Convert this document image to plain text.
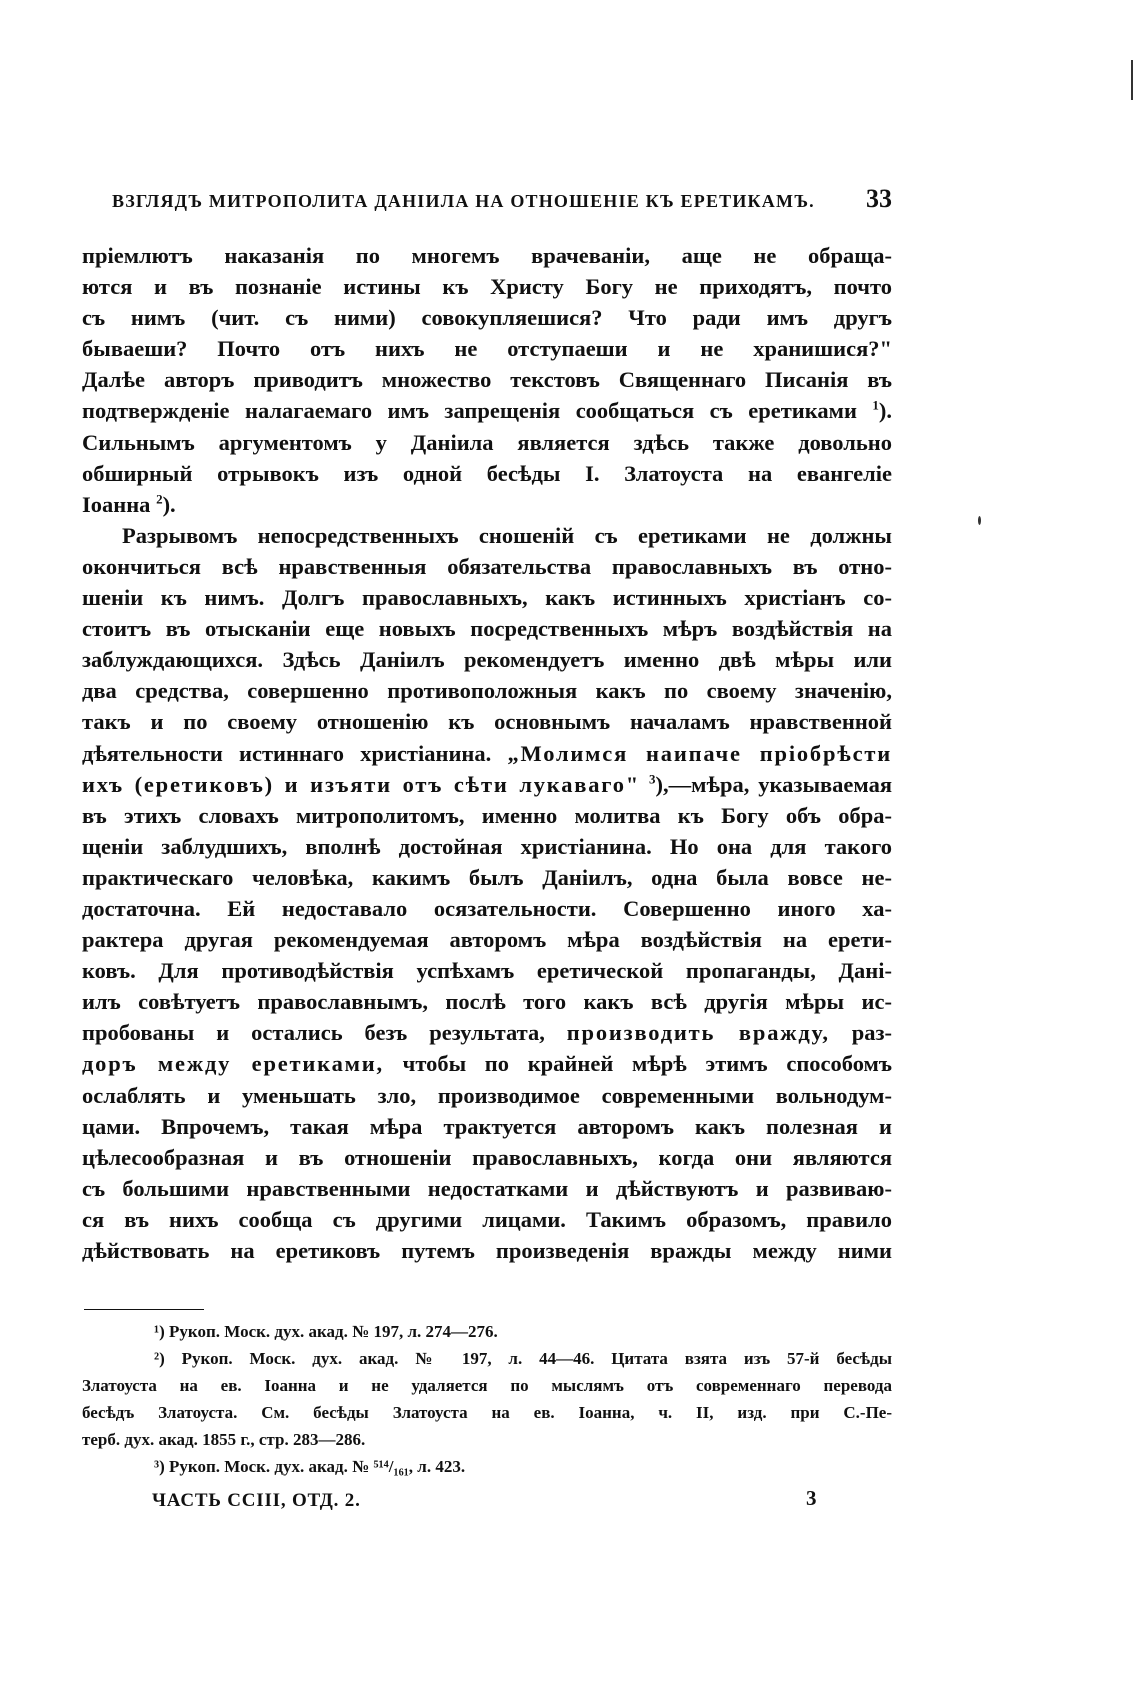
ВЗГЛЯДЪ МИТРОПОЛИТА ДАНІИЛА НА ОТНОШЕНІЕ КЪ ЕРЕТИКАМЪ. 33
пріемлютъ наказанія по многемъ врачеваніи, аще не обраща-
ются и въ познаніе истины къ Христу Богу не приходятъ, почто
съ нимъ (чит. съ ними) совокупляешися? Что ради имъ другъ
бываеши? Почто отъ нихъ не отступаеши и не хранишися?"
Далѣе авторъ приводитъ множество текстовъ Священнаго Писанія въ
подтвержденіе налагаемаго имъ запрещенія сообщаться съ еретиками $^1$).
Сильнымъ аргументомъ у Даніила является здѣсь также довольно
обширный отрывокъ изъ одной бесѣды І. Златоуста на евангеліе
Іоанна $^2$).
Разрывомъ непосредственныхъ сношеній съ еретиками не должны
окончиться всѣ нравственныя обязательства православныхъ въ отно-
шеніи къ нимъ. Долгъ православныхъ, какъ истинныхъ христіанъ со-
стоитъ въ отысканіи еще новыхъ посредственныхъ мѣръ воздѣйствія на
заблуждающихся. Здѣсь Даніилъ рекомендуетъ именно двѣ мѣры или
два средства, совершенно противоположныя какъ по своему значенію,
такъ и по своему отношенію къ основнымъ началамъ нравственной
дѣятельности истиннаго христіанина. „Молимся наипаче пріобрѣсти
ихъ (еретиковъ) и изъяти отъ сѣти лукаваго" $^3$),—мѣра, указываемая
въ этихъ словахъ митрополитомъ, именно молитва къ Богу объ обра-
щеніи заблудшихъ, вполнѣ достойная христіанина. Но она для такого
практическаго человѣка, какимъ былъ Даніилъ, одна была вовсе не-
достаточна. Ей недоставало осязательности. Совершенно иного ха-
рактера другая рекомендуемая авторомъ мѣра воздѣйствія на ерети-
ковъ. Для противодѣйствія успѣхамъ еретической пропаганды, Дані-
илъ совѣтуетъ православнымъ, послѣ того какъ всѣ другія мѣры ис-
пробованы и остались безъ результата, производить вражду, раз-
доръ между еретиками, чтобы по крайней мѣрѣ этимъ способомъ
ослаблять и уменьшать зло, производимое современными вольнодум-
цами. Впрочемъ, такая мѣра трактуется авторомъ какъ полезная и
цѣлесообразная и въ отношеніи православныхъ, когда они являются
съ большими нравственными недостатками и дѣйствуютъ и развиваю-
ся въ нихъ сообща съ другими лицами. Такимъ образомъ, правило
дѣйствовать на еретиковъ путемъ произведенія вражды между ними
¹) Рукоп. Моск. дух. акад. № 197, л. 274—276.
²) Рукоп. Моск. дух. акад. № 197, л. 44—46. Цитата взята изъ 57-й бесѣды
Златоуста на ев. Іоанна и не удаляется по мыслямъ отъ современнаго перевода
бесѣдъ Златоуста. См. бесѣды Златоуста на ев. Іоанна, ч. II, изд. при С.-Пе-
терб. дух. акад. 1855 г., стр. 283—286.
³) Рукоп. Моск. дух. акад. № ⁵¹⁴/₁₆₁, л. 423.
ЧАСТЬ ССІІІ, ОТД. 2.	3
